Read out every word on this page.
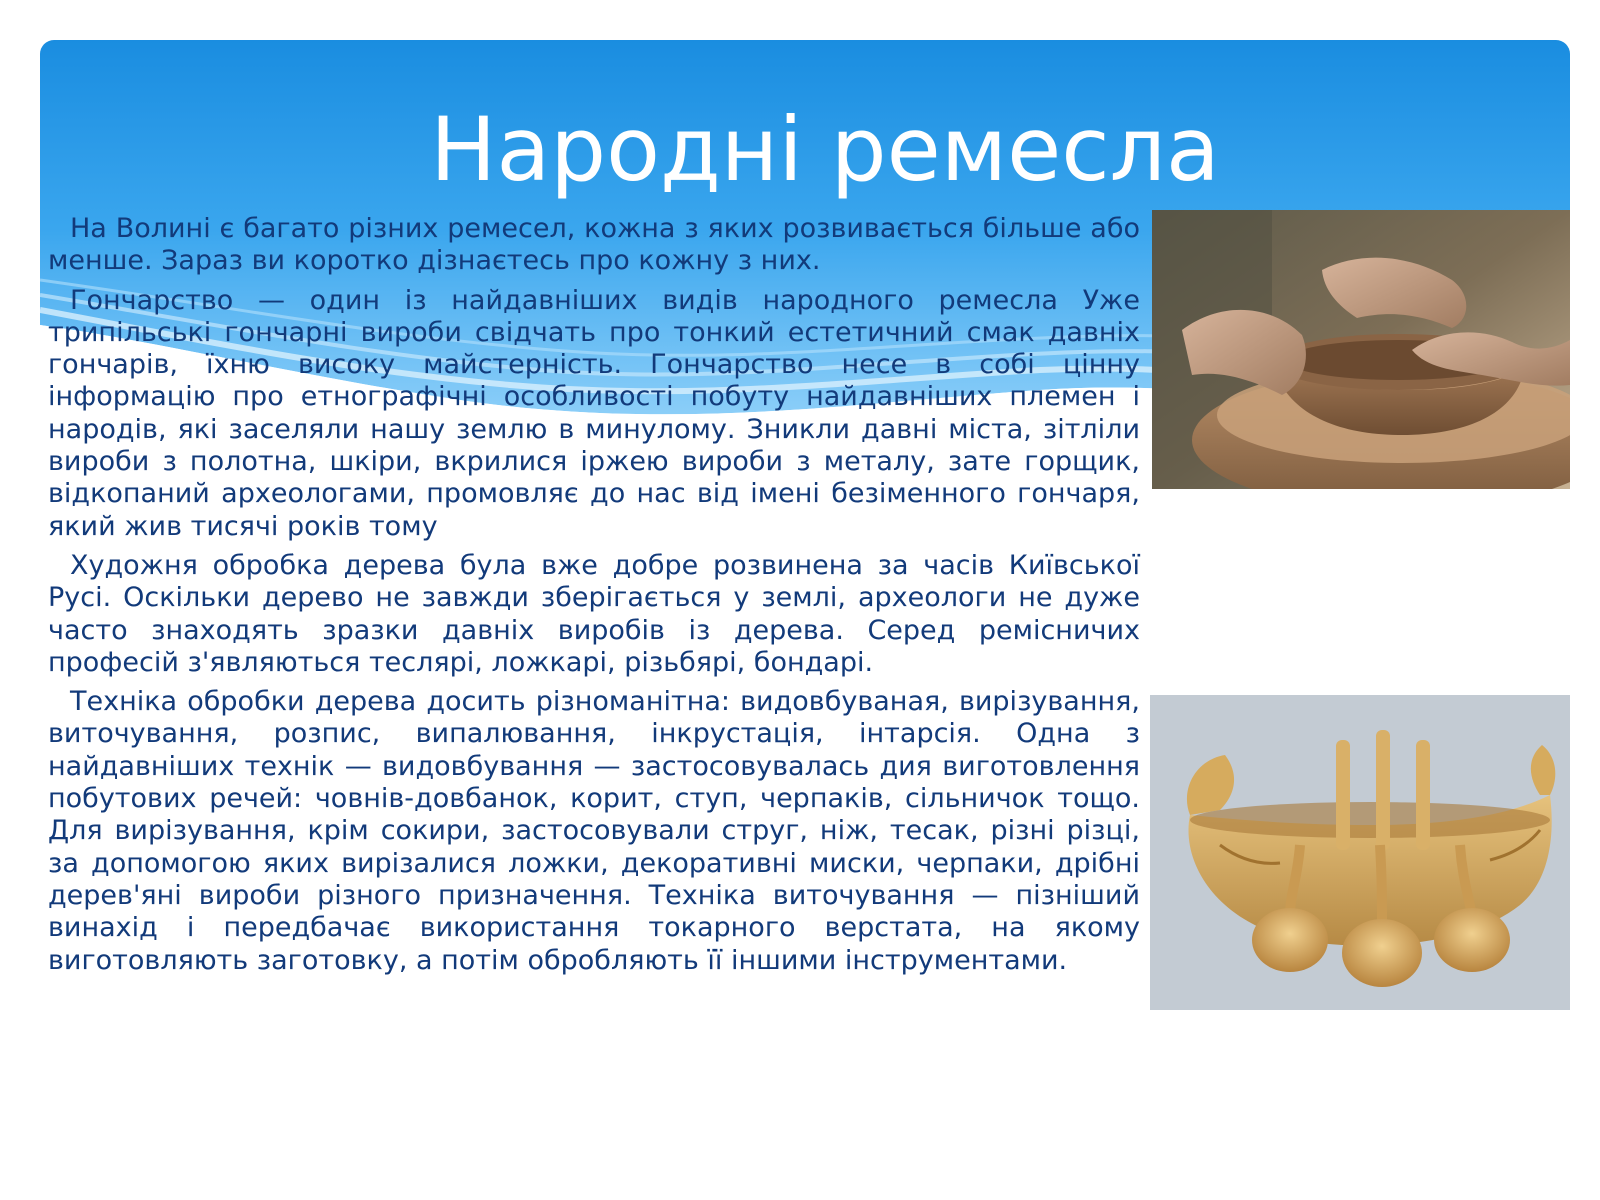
Народні ремесла

На Волині є багато різних ремесел, кожна з яких розвивається більше або менше. Зараз ви коротко дізнаєтесь про кожну з них.

Гончарство — один із найдавніших видів народного ремесла Уже трипільські гончарні вироби свідчать про тонкий естетичний смак давніх гончарів, їхню високу майстерність. Гончарство несе в собі цінну інформацію про етнографічні особливості побуту найдавніших племен і народів, які заселяли нашу землю в минулому. Зникли давні міста, зітліли вироби з полотна, шкіри, вкрилися іржею вироби з металу, зате горщик, відкопаний археологами, промовляє до нас від імені безіменного гончаря, який жив тисячі років тому

Художня обробка дерева була вже добре розвинена за часів Київської Русі. Оскільки дерево не завжди зберігається у землі, археологи не дуже часто знаходять зразки давніх виробів із дерева. Серед ремісничих професій з'являються теслярі, ложкарі, різьбярі, бондарі.

Техніка обробки дерева досить різноманітна: видовбуваная, вирізування, виточування, розпис, випалювання, інкрустація, інтарсія. Одна з найдавніших технік — видовбування — застосовувалась дия виготовлення побутових речей: човнів-довбанок, корит, ступ, черпаків, сільничок тощо. Для вирізування, крім сокири, застосовували струг, ніж, тесак, різні різці, за допомогою яких вирізалися ложки, декоративні миски, черпаки, дрібні дерев'яні вироби різного призначення. Техніка виточування — пізніший винахід і передбачає використання токарного верстата, на якому виготовляють заготовку, а потім обробляють її іншими інструментами.
